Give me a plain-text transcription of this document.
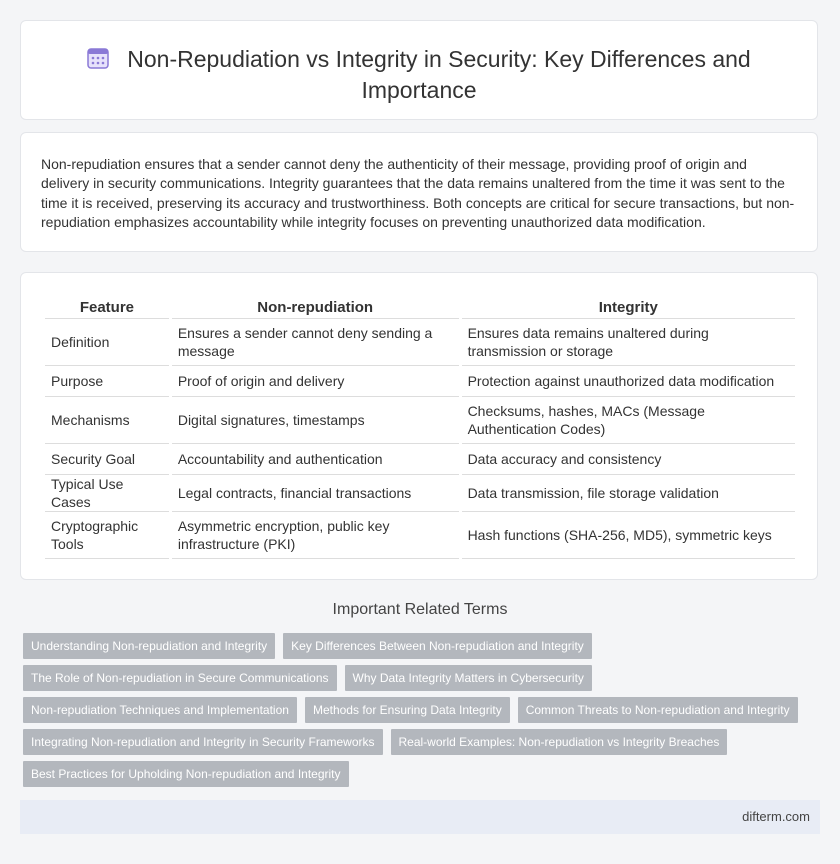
Non-Repudiation vs Integrity in Security: Key Differences and Importance

Non-repudiation ensures that a sender cannot deny the authenticity of their message, providing proof of origin and delivery in security communications. Integrity guarantees that the data remains unaltered from the time it was sent to the time it is received, preserving its accuracy and trustworthiness. Both concepts are critical for secure transactions, but non-repudiation emphasizes accountability while integrity focuses on preventing unauthorized data modification.

Feature	Non-repudiation	Integrity
Definition	Ensures a sender cannot deny sending a message	Ensures data remains unaltered during transmission or storage
Purpose	Proof of origin and delivery	Protection against unauthorized data modification
Mechanisms	Digital signatures, timestamps	Checksums, hashes, MACs (Message Authentication Codes)
Security Goal	Accountability and authentication	Data accuracy and consistency
Typical Use Cases	Legal contracts, financial transactions	Data transmission, file storage validation
Cryptographic Tools	Asymmetric encryption, public key infrastructure (PKI)	Hash functions (SHA-256, MD5), symmetric keys
Important Related Terms
Understanding Non-repudiation and Integrity	Key Differences Between Non-repudiation and Integrity
The Role of Non-repudiation in Secure Communications	Why Data Integrity Matters in Cybersecurity
Non-repudiation Techniques and Implementation	Methods for Ensuring Data Integrity	Common Threats to Non-repudiation and Integrity
Integrating Non-repudiation and Integrity in Security Frameworks	Real-world Examples: Non-repudiation vs Integrity Breaches
Best Practices for Upholding Non-repudiation and Integrity
difterm.com
